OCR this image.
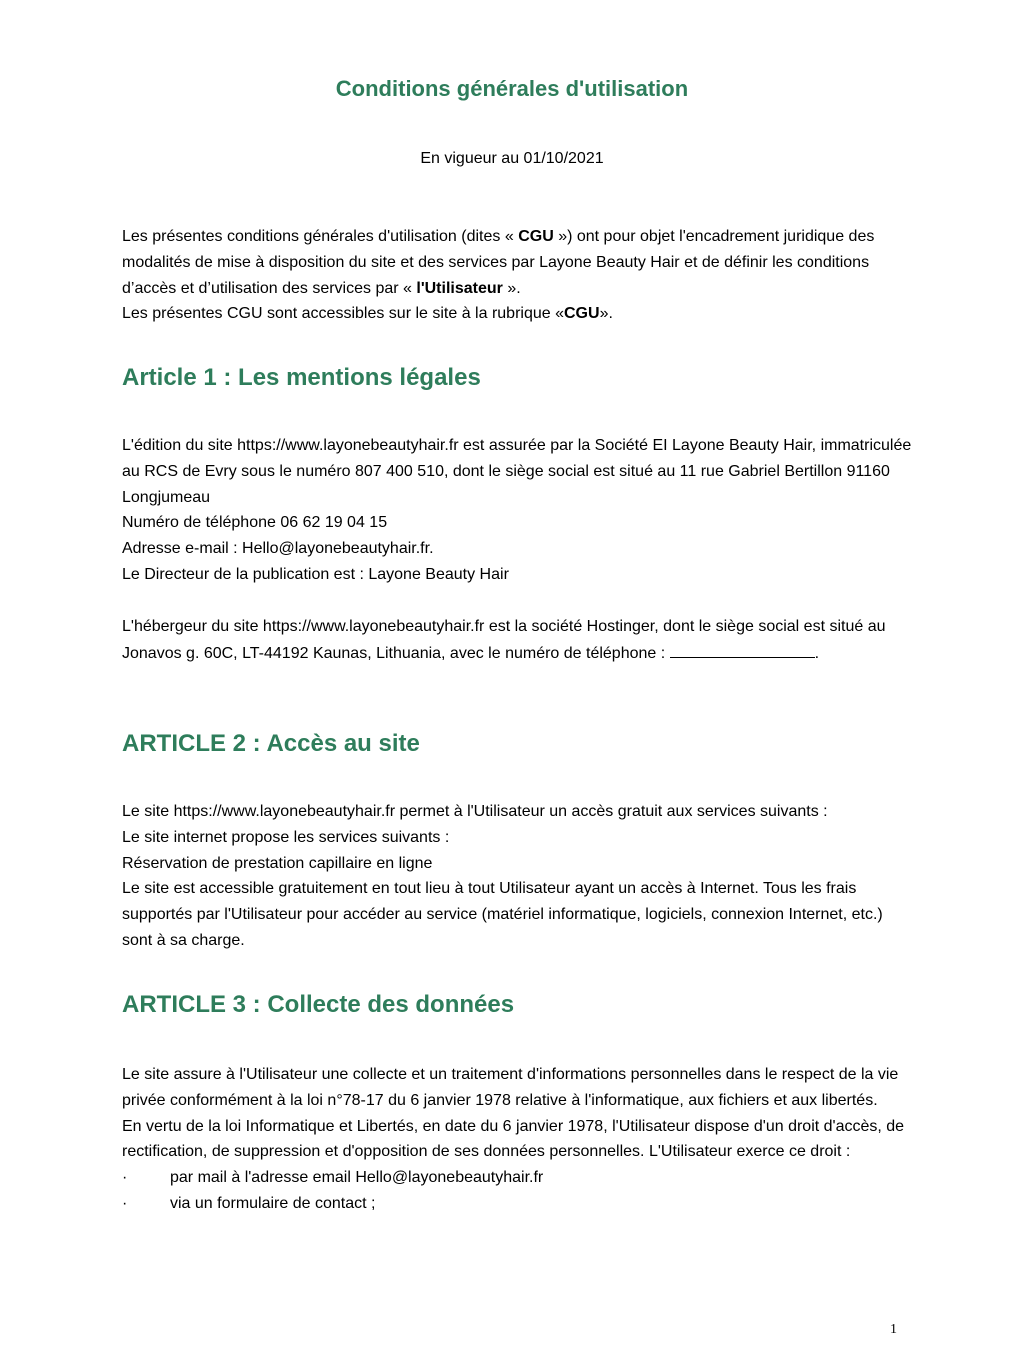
Conditions générales d'utilisation
En vigueur au 01/10/2021

Les présentes conditions générales d'utilisation (dites « CGU ») ont pour objet l'encadrement juridique des modalités de mise à disposition du site et des services par Layone Beauty Hair et de définir les conditions d’accès et d’utilisation des services par « l'Utilisateur ».

Les présentes CGU sont accessibles sur le site à la rubrique «CGU».

Article 1 : Les mentions légales

L'édition du site https://www.layonebeautyhair.fr est assurée par la Société EI Layone Beauty Hair, immatriculée au RCS de Evry sous le numéro 807 400 510, dont le siège social est situé au 11 rue Gabriel Bertillon 91160 Longjumeau

Numéro de téléphone 06 62 19 04 15

Adresse e-mail : Hello@layonebeautyhair.fr.

Le Directeur de la publication est : Layone Beauty Hair

L'hébergeur du site https://www.layonebeautyhair.fr est la société Hostinger, dont le siège social est situé au Jonavos g. 60C, LT-44192 Kaunas, Lithuania, avec le numéro de téléphone :	.

ARTICLE 2 : Accès au site

Le site https://www.layonebeautyhair.fr permet à l'Utilisateur un accès gratuit aux services suivants :

Le site internet propose les services suivants :

Réservation de prestation capillaire en ligne

Le site est accessible gratuitement en tout lieu à tout Utilisateur ayant un accès à Internet. Tous les frais supportés par l'Utilisateur pour accéder au service (matériel informatique, logiciels, connexion Internet, etc.) sont à sa charge.

ARTICLE 3 : Collecte des données

Le site assure à l'Utilisateur une collecte et un traitement d'informations personnelles dans le respect de la vie privée conformément à la loi n°78-17 du 6 janvier 1978 relative à l'informatique, aux fichiers et aux libertés.

En vertu de la loi Informatique et Libertés, en date du 6 janvier 1978, l'Utilisateur dispose d'un droit d'accès, de rectification, de suppression et d'opposition de ses données personnelles. L'Utilisateur exerce ce droit :

·	par mail à l'adresse email Hello@layonebeautyhair.fr
·	via un formulaire de contact ;
1
